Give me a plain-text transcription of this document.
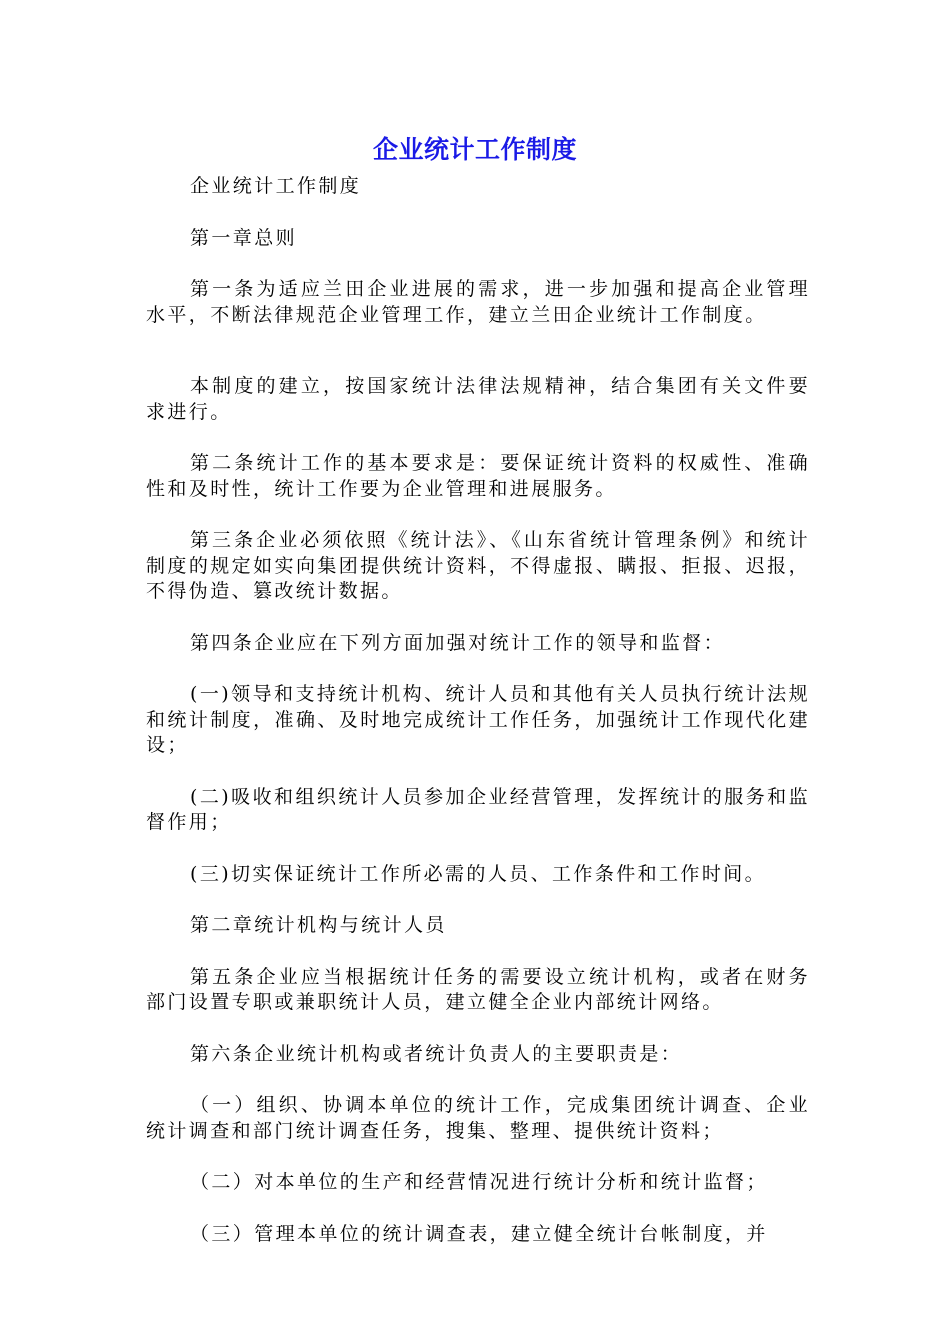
企业统计工作制度

企业统计工作制度

第一章总则

第一条为适应兰田企业进展的需求，进一步加强和提高企业管理水平，不断法律规范企业管理工作，建立兰田企业统计工作制度。

本制度的建立，按国家统计法律法规精神，结合集团有关文件要求进行。

第二条统计工作的基本要求是：要保证统计资料的权威性、准确性和及时性，统计工作要为企业管理和进展服务。

第三条企业必须依照《统计法》、《山东省统计管理条例》和统计制度的规定如实向集团提供统计资料，不得虚报、瞒报、拒报、迟报，不得伪造、篡改统计数据。

第四条企业应在下列方面加强对统计工作的领导和监督：

(一)领导和支持统计机构、统计人员和其他有关人员执行统计法规和统计制度，准确、及时地完成统计工作任务，加强统计工作现代化建设；

(二)吸收和组织统计人员参加企业经营管理，发挥统计的服务和监督作用；

(三)切实保证统计工作所必需的人员、工作条件和工作时间。

第二章统计机构与统计人员

第五条企业应当根据统计任务的需要设立统计机构，或者在财务部门设置专职或兼职统计人员，建立健全企业内部统计网络。

第六条企业统计机构或者统计负责人的主要职责是：

（一）组织、协调本单位的统计工作，完成集团统计调查、企业统计调查和部门统计调查任务，搜集、整理、提供统计资料；

（二）对本单位的生产和经营情况进行统计分析和统计监督；

（三）管理本单位的统计调查表，建立健全统计台帐制度，并
